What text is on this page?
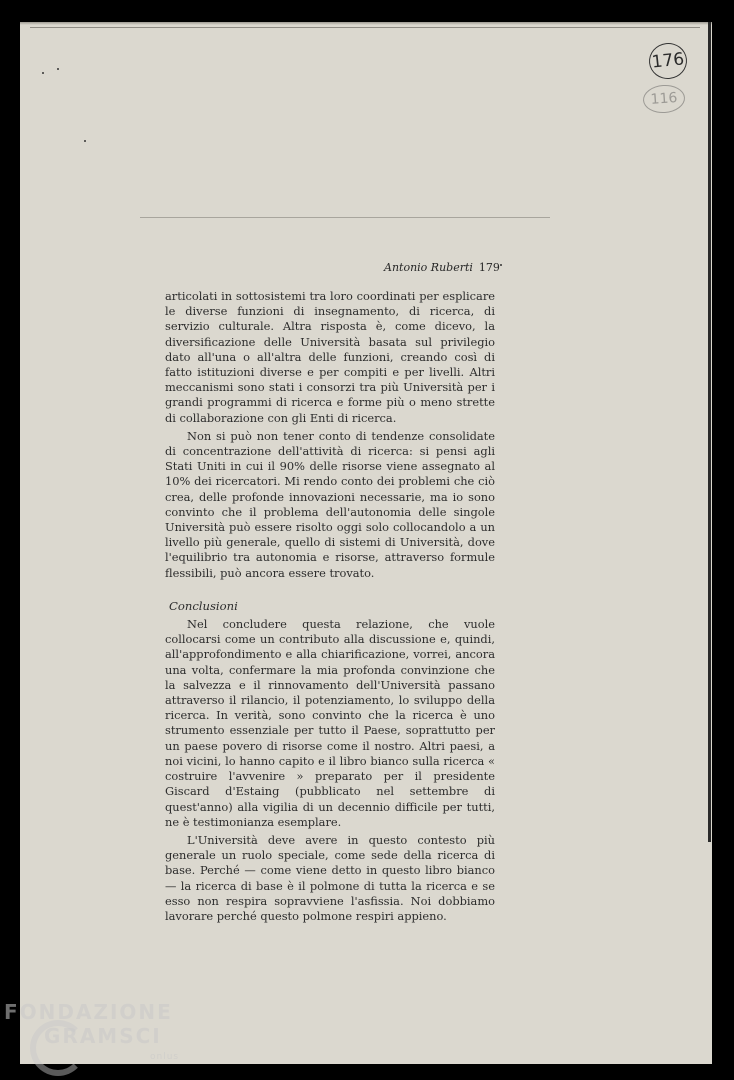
176
116
Antonio Ruberti 179

articolati in sottosistemi tra loro coordinati per esplicare le diverse funzioni di insegnamento, di ricerca, di servizio culturale. Altra risposta è, come dicevo, la diversificazione delle Università basata sul privilegio dato all'una o all'altra delle funzioni, creando così di fatto istituzioni diverse e per compiti e per livelli. Altri meccanismi sono stati i consorzi tra più Università per i grandi programmi di ricerca e forme più o meno strette di collaborazione con gli Enti di ricerca.

Non si può non tener conto di tendenze consolidate di concentrazione dell'attività di ricerca: si pensi agli Stati Uniti in cui il 90% delle risorse viene assegnato al 10% dei ricercatori. Mi rendo conto dei problemi che ciò crea, delle profonde innovazioni necessarie, ma io sono convinto che il problema dell'autonomia delle singole Università può essere risolto oggi solo collocandolo a un livello più generale, quello di sistemi di Università, dove l'equilibrio tra autonomia e risorse, attraverso formule flessibili, può ancora essere trovato.

Conclusioni

Nel concludere questa relazione, che vuole collocarsi come un contributo alla discussione e, quindi, all'approfondimento e alla chiarificazione, vorrei, ancora una volta, confermare la mia profonda convinzione che la salvezza e il rinnovamento dell'Università passano attraverso il rilancio, il potenziamento, lo sviluppo della ricerca. In verità, sono convinto che la ricerca è uno strumento essenziale per tutto il Paese, soprattutto per un paese povero di risorse come il nostro. Altri paesi, a noi vicini, lo hanno capito e il libro bianco sulla ricerca « costruire l'avvenire » preparato per il presidente Giscard d'Estaing (pubblicato nel settembre di quest'anno) alla vigilia di un decennio difficile per tutti, ne è testimonianza esemplare.

L'Università deve avere in questo contesto più generale un ruolo speciale, come sede della ricerca di base. Perché — come viene detto in questo libro bianco — la ricerca di base è il polmone di tutta la ricerca e se esso non respira sopravviene l'asfissia. Noi dobbiamo lavorare perché questo polmone respiri appieno.

FONDAZIONE
GRAMSCI
onlus
